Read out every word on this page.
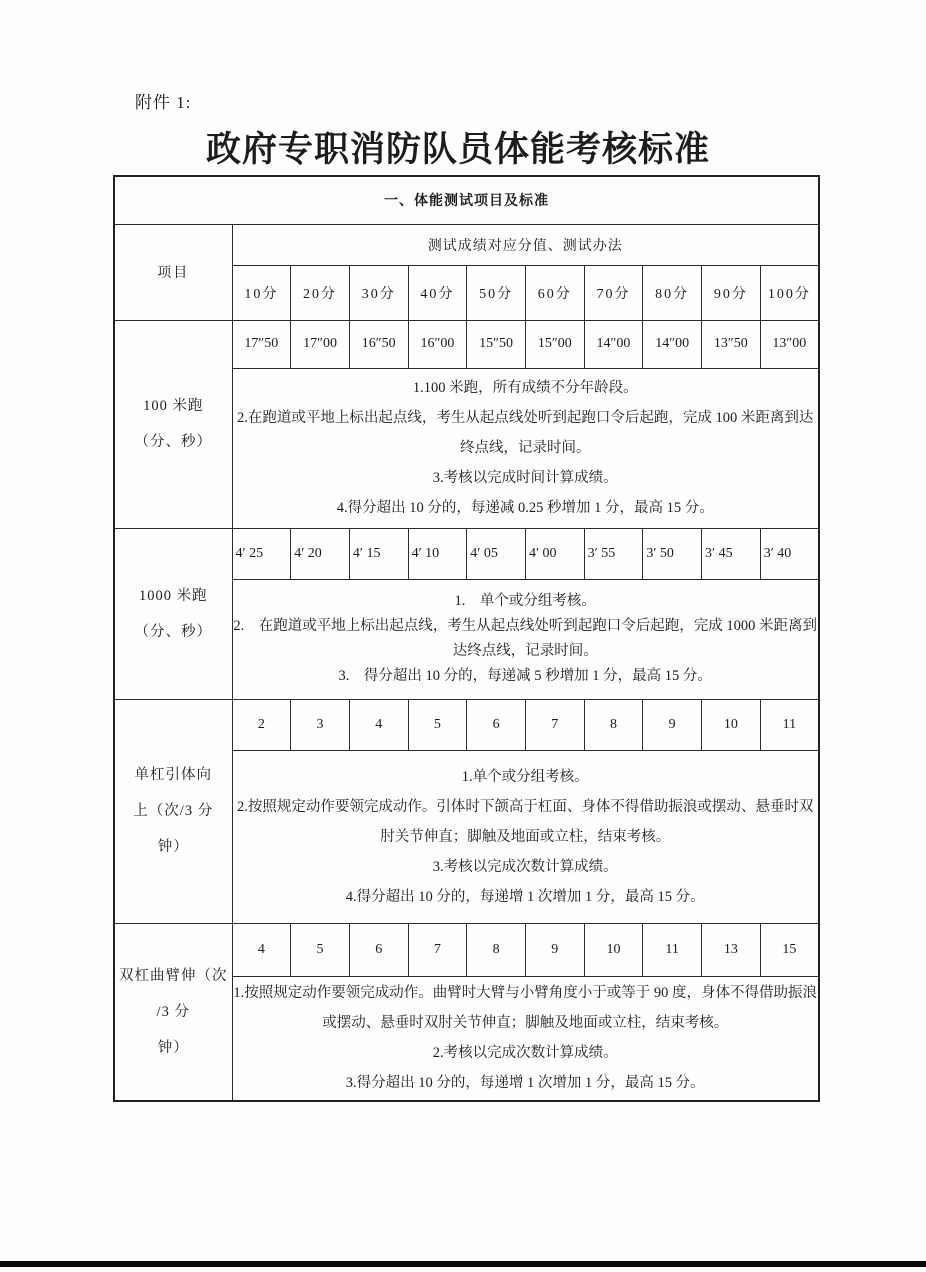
附件 1:
政府专职消防队员体能考核标准
一、体能测试项目及标准										
项目	测试成绩对应分值、测试办法									
	10分	20分	30分	40分	50分	60分	70分	80分	90分	100分

100 米跑
（分、秒）	17″50	17″00	16″50	16″00	15″50	15″00	14″00	14″00	13″50	13″00

	1.100 米跑，所有成绩不分年龄段。
2.在跑道或平地上标出起点线，考生从起点线处听到起跑口令后起跑，完成 100 米距离到达终点线，记录时间。
3.考核以完成时间计算成绩。
4.得分超出 10 分的，每递减 0.25 秒增加 1 分，最高 15 分。									

1000 米跑
（分、秒）	4′ 25	4′ 20	4′ 15	4′ 10	4′ 05	4′ 00	3′ 55	3′ 50	3′ 45	3′ 40

	1.　单个或分组考核。
2.　在跑道或平地上标出起点线，考生从起点线处听到起跑口令后起跑，完成 1000 米距离到达终点线，记录时间。
3.　得分超出 10 分的，每递减 5 秒增加 1 分，最高 15 分。									

单杠引体向
上（次/3 分
钟）	2	3	4	5	6	7	8	9	10	11

	1.单个或分组考核。
2.按照规定动作要领完成动作。引体时下颌高于杠面、身体不得借助振浪或摆动、悬垂时双肘关节伸直；脚触及地面或立柱，结束考核。
3.考核以完成次数计算成绩。
4.得分超出 10 分的，每递增 1 次增加 1 分，最高 15 分。									

双杠曲臂伸（次
/3 分
钟）	4	5	6	7	8	9	10	11	13	15

	1.按照规定动作要领完成动作。曲臂时大臂与小臂角度小于或等于 90 度，身体不得借助振浪或摆动、悬垂时双肘关节伸直；脚触及地面或立柱，结束考核。
2.考核以完成次数计算成绩。
3.得分超出 10 分的，每递增 1 次增加 1 分，最高 15 分。									
